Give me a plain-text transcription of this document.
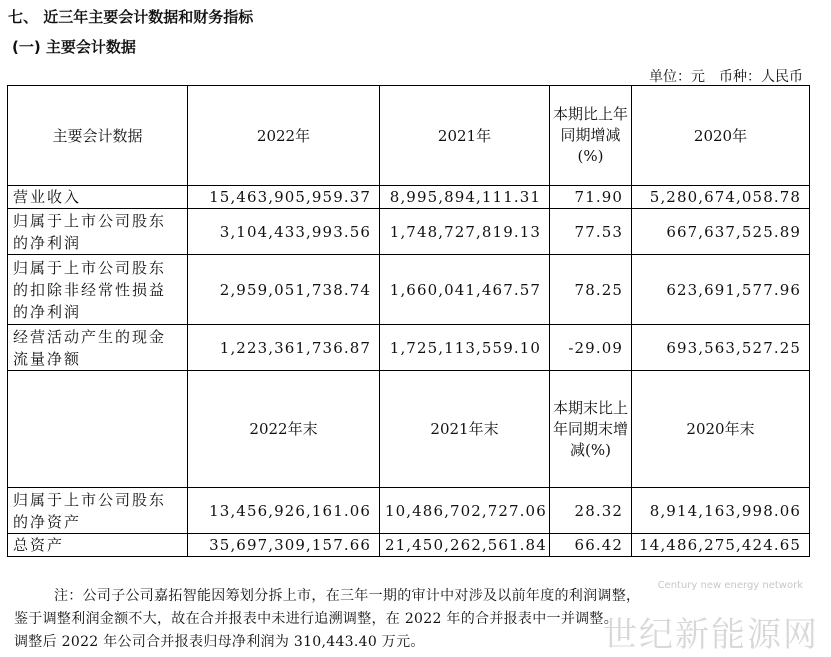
七、 近三年主要会计数据和财务指标
(一) 主要会计数据
单位：元　币种：人民币
主要会计数据	2022年	2021年	本期比上年同期增减(%)	2020年
营业收入	15,463,905,959.37	8,995,894,111.31	71.90	5,280,674,058.78
归属于上市公司股东的净利润	3,104,433,993.56	1,748,727,819.13	77.53	667,637,525.89
归属于上市公司股东的扣除非经常性损益的净利润	2,959,051,738.74	1,660,041,467.57	78.25	623,691,577.96
经营活动产生的现金流量净额	1,223,361,736.87	1,725,113,559.10	-29.09	693,563,527.25
	2022年末	2021年末	本期末比上年同期末增减(%)	2020年末
归属于上市公司股东的净资产	13,456,926,161.06	10,486,702,727.06	28.32	8,914,163,998.06
总资产	35,697,309,157.66	21,450,262,561.84	66.42	14,486,275,424.65

注：公司子公司嘉拓智能因筹划分拆上市，在三年一期的审计中对涉及以前年度的利润调整，

鉴于调整利润金额不大，故在合并报表中未进行追溯调整，在 2022 年的合并报表中一并调整。

调整后 2022 年公司合并报表归母净利润为 310,443.40 万元。

Century new energy network
世纪新能源网
